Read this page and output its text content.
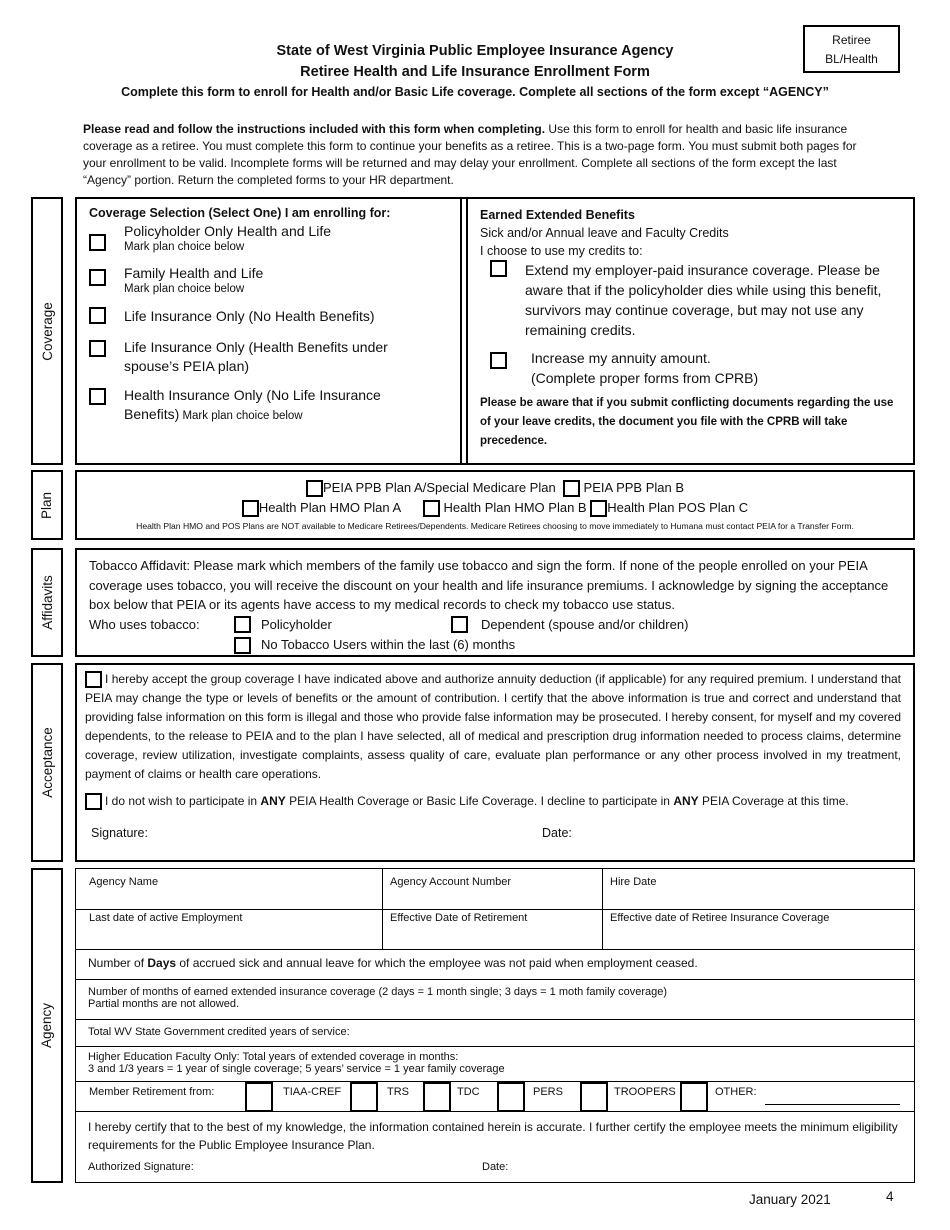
Retiree
BL/Health
State of West Virginia Public Employee Insurance Agency
Retiree Health and Life Insurance Enrollment Form
Complete this form to enroll for Health and/or Basic Life coverage. Complete all sections of the form except “AGENCY”
Please read and follow the instructions included with this form when completing. Use this form to enroll for health and basic life insurance coverage as a retiree. You must complete this form to continue your benefits as a retiree. This is a two-page form. You must submit both pages for your enrollment to be valid. Incomplete forms will be returned and may delay your enrollment. Complete all sections of the form except the last “Agency” portion. Return the completed forms to your HR department.
Coverage
Plan
Affidavits
Acceptance
Agency
Coverage Selection (Select One) I am enrolling for:
Policyholder Only Health and Life
Mark plan choice below
Family Health and Life
Mark plan choice below
Life Insurance Only (No Health Benefits)
Life Insurance Only (Health Benefits under spouse’s PEIA plan)
Health Insurance Only (No Life Insurance Benefits) Mark plan choice below
Earned Extended Benefits
Sick and/or Annual leave and Faculty Credits
I choose to use my credits to:
Extend my employer-paid insurance coverage. Please be aware that if the policyholder dies while using this benefit, survivors may continue coverage, but may not use any remaining credits.
Increase my annuity amount.
(Complete proper forms from CPRB)
Please be aware that if you submit conflicting documents regarding the use of your leave credits, the document you file with the CPRB will take precedence.
PEIA PPB Plan A/Special Medicare Plan PEIA PPB Plan B
Health Plan HMO Plan A	Health Plan HMO Plan B Health Plan POS Plan C
Health Plan HMO and POS Plans are NOT available to Medicare Retirees/Dependents. Medicare Retirees choosing to move immediately to Humana must contact PEIA for a Transfer Form.
Tobacco Affidavit: Please mark which members of the family use tobacco and sign the form. If none of the people enrolled on your PEIA coverage uses tobacco, you will receive the discount on your health and life insurance premiums. I acknowledge by signing the acceptance box below that PEIA or its agents have access to my medical records to check my tobacco use status.
Who uses tobacco:	Policyholder	Dependent (spouse and/or children)
No Tobacco Users within the last (6) months
I hereby accept the group coverage I have indicated above and authorize annuity deduction (if applicable) for any required premium. I understand that PEIA may change the type or levels of benefits or the amount of contribution. I certify that the above information is true and correct and understand that providing false information on this form is illegal and those who provide false information may be prosecuted. I hereby consent, for myself and my covered dependents, to the release to PEIA and to the plan I have selected, all of medical and prescription drug information needed to process claims, determine coverage, review utilization, investigate complaints, assess quality of care, evaluate plan performance or any other process involved in my treatment, payment of claims or health care operations.
I do not wish to participate in ANY PEIA Health Coverage or Basic Life Coverage. I decline to participate in ANY PEIA Coverage at this time.
Signature:	Date:
Agency Name	Agency Account Number	Hire Date
Last date of active Employment	Effective Date of Retirement	Effective date of Retiree Insurance Coverage
Number of Days of accrued sick and annual leave for which the employee was not paid when employment ceased.
Number of months of earned extended insurance coverage (2 days = 1 month single; 3 days = 1 moth family coverage)
Partial months are not allowed.
Total WV State Government credited years of service:
Higher Education Faculty Only: Total years of extended coverage in months:
3 and 1/3 years = 1 year of single coverage; 5 years’ service = 1 year family coverage
Member Retirement from:	TIAA-CREF	TRS	TDC	PERS	TROOPERS	OTHER:
I hereby certify that to the best of my knowledge, the information contained herein is accurate. I further certify the employee meets the minimum eligibility requirements for the Public Employee Insurance Plan.
Authorized Signature:	Date:
January 2021	4
